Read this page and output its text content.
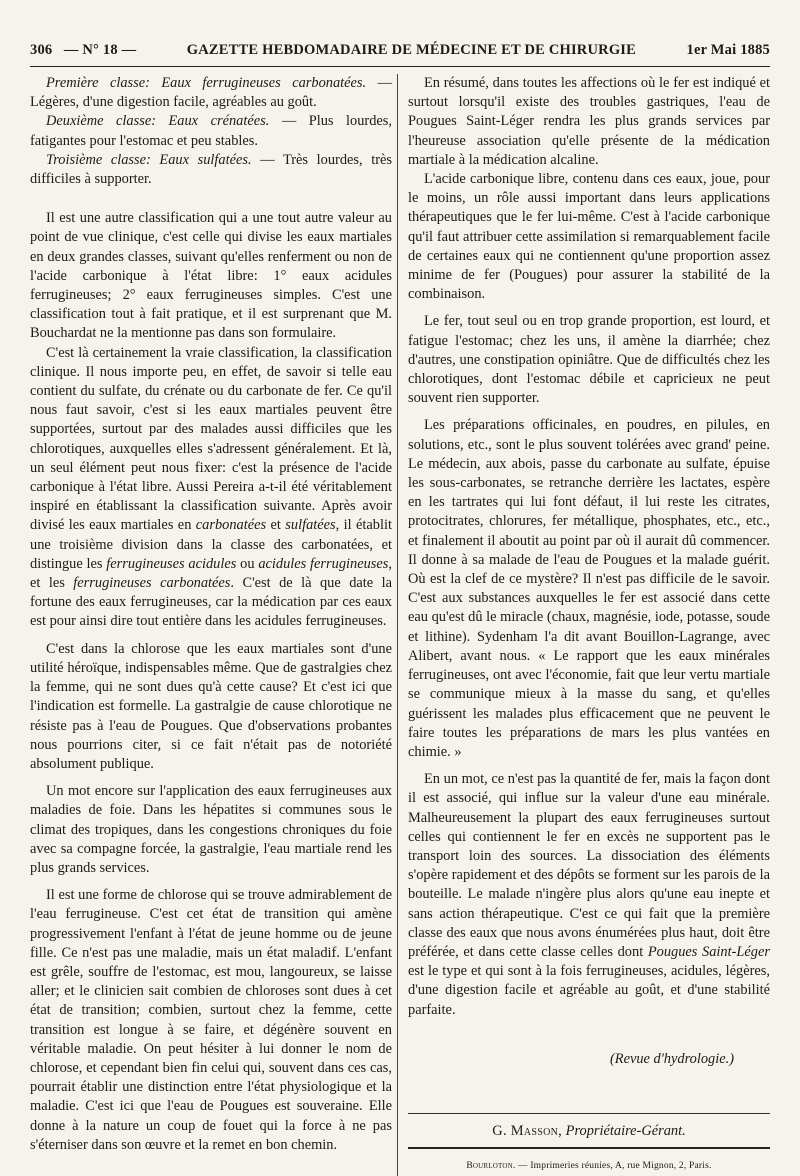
306 — N° 18 —	GAZETTE HEBDOMADAIRE DE MÉDECINE ET DE CHIRURGIE	1er Mai 1885

Première classe: Eaux ferrugineuses carbonatées. — Légères, d'une digestion facile, agréables au goût.

Deuxième classe: Eaux crénatées. — Plus lourdes, fatigantes pour l'estomac et peu stables.

Troisième classe: Eaux sulfatées. — Très lourdes, très difficiles à supporter.

Il est une autre classification qui a une tout autre valeur au point de vue clinique, c'est celle qui divise les eaux martiales en deux grandes classes, suivant qu'elles renferment ou non de l'acide carbonique à l'état libre: 1° eaux acidules ferrugineuses; 2° eaux ferrugineuses simples. C'est une classification tout à fait pratique, et il est surprenant que M. Bouchardat ne la mentionne pas dans son formulaire.

C'est là certainement la vraie classification, la classification clinique. Il nous importe peu, en effet, de savoir si telle eau contient du sulfate, du crénate ou du carbonate de fer. Ce qu'il nous faut savoir, c'est si les eaux martiales peuvent être supportées, surtout par des malades aussi difficiles que les chlorotiques, auxquelles elles s'adressent généralement. Et là, un seul élément peut nous fixer: c'est la présence de l'acide carbonique à l'état libre. Aussi Pereira a-t-il été véritablement inspiré en établissant la classification suivante. Après avoir divisé les eaux martiales en carbonatées et sulfatées, il établit une troisième division dans la classe des carbonatées, et distingue les ferrugineuses acidules ou acidules ferrugineuses, et les ferrugineuses carbonatées. C'est de là que date la fortune des eaux ferrugineuses, car la médication par ces eaux est pour ainsi dire tout entière dans les acidules ferrugineuses.

C'est dans la chlorose que les eaux martiales sont d'une utilité héroïque, indispensables même. Que de gastralgies chez la femme, qui ne sont dues qu'à cette cause? Et c'est ici que l'indication est formelle. La gastralgie de cause chlorotique ne résiste pas à l'eau de Pougues. Que d'observations probantes nous pourrions citer, si ce fait n'était pas de notoriété absolument publique.

Un mot encore sur l'application des eaux ferrugineuses aux maladies de foie. Dans les hépatites si communes sous le climat des tropiques, dans les congestions chroniques du foie avec sa compagne forcée, la gastralgie, l'eau martiale rend les plus grands services.

Il est une forme de chlorose qui se trouve admirablement de l'eau ferrugineuse. C'est cet état de transition qui amène progressivement l'enfant à l'état de jeune homme ou de jeune fille. Ce n'est pas une maladie, mais un état maladif. L'enfant est grêle, souffre de l'estomac, est mou, langoureux, se laisse aller; et le clinicien sait combien de chloroses sont dues à cet état de transition; combien, surtout chez la femme, cette transition est longue à se faire, et dégénère souvent en véritable maladie. On peut hésiter à lui donner le nom de chlorose, et cependant bien fin celui qui, souvent dans ces cas, pourrait établir une distinction entre l'état physiologique et la maladie. C'est ici que l'eau de Pougues est souveraine. Elle donne à la nature un coup de fouet qui la force à ne pas s'éterniser dans son œuvre et la remet en bon chemin.

En résumé, dans toutes les affections où le fer est indiqué et surtout lorsqu'il existe des troubles gastriques, l'eau de Pougues Saint-Léger rendra les plus grands services par l'heureuse association qu'elle présente de la médication martiale à la médication alcaline.

L'acide carbonique libre, contenu dans ces eaux, joue, pour le moins, un rôle aussi important dans leurs applications thérapeutiques que le fer lui-même. C'est à l'acide carbonique qu'il faut attribuer cette assimilation si remarquablement facile de certaines eaux qui ne contiennent qu'une proportion assez minime de fer (Pougues) pour assurer la stabilité de la combinaison.

Le fer, tout seul ou en trop grande proportion, est lourd, et fatigue l'estomac; chez les uns, il amène la diarrhée; chez d'autres, une constipation opiniâtre. Que de difficultés chez les chlorotiques, dont l'estomac débile et capricieux ne peut souvent rien supporter.

Les préparations officinales, en poudres, en pilules, en solutions, etc., sont le plus souvent tolérées avec grand' peine. Le médecin, aux abois, passe du carbonate au sulfate, épuise les sous-carbonates, se retranche derrière les lactates, espère en les tartrates qui lui font défaut, il lui reste les citrates, protocitrates, chlorures, fer métallique, phosphates, etc., etc., et finalement il aboutit au point par où il aurait dû commencer. Il donne à sa malade de l'eau de Pougues et la malade guérit. Où est la clef de ce mystère? Il n'est pas difficile de le savoir. C'est aux substances auxquelles le fer est associé dans cette eau qu'est dû le miracle (chaux, magnésie, iode, potasse, soude et lithine). Sydenham l'a dit avant Bouillon-Lagrange, avec Alibert, avant nous. « Le rapport que les eaux minérales ferrugineuses, ont avec l'économie, fait que leur vertu martiale se communique mieux à la masse du sang, et qu'elles guérissent les malades plus efficacement que ne peuvent le faire toutes les préparations de mars les plus vantées en chimie. »

En un mot, ce n'est pas la quantité de fer, mais la façon dont il est associé, qui influe sur la valeur d'une eau minérale. Malheureusement la plupart des eaux ferrugineuses surtout celles qui contiennent le fer en excès ne supportent pas le transport loin des sources. La dissociation des éléments s'opère rapidement et des dépôts se forment sur les parois de la bouteille. Le malade n'ingère plus alors qu'une eau inepte et sans action thérapeutique. C'est ce qui fait que la première classe des eaux que nous avons énumérées plus haut, doit être préférée, et dans cette classe celles dont Pougues Saint-Léger est le type et qui sont à la fois ferrugineuses, acidules, légères, d'une digestion facile et agréable au goût, et d'une stabilité parfaite.

(Revue d'hydrologie.)
G. Masson, Propriétaire-Gérant.
Bourloton. — Imprimeries réunies, A, rue Mignon, 2, Paris.
